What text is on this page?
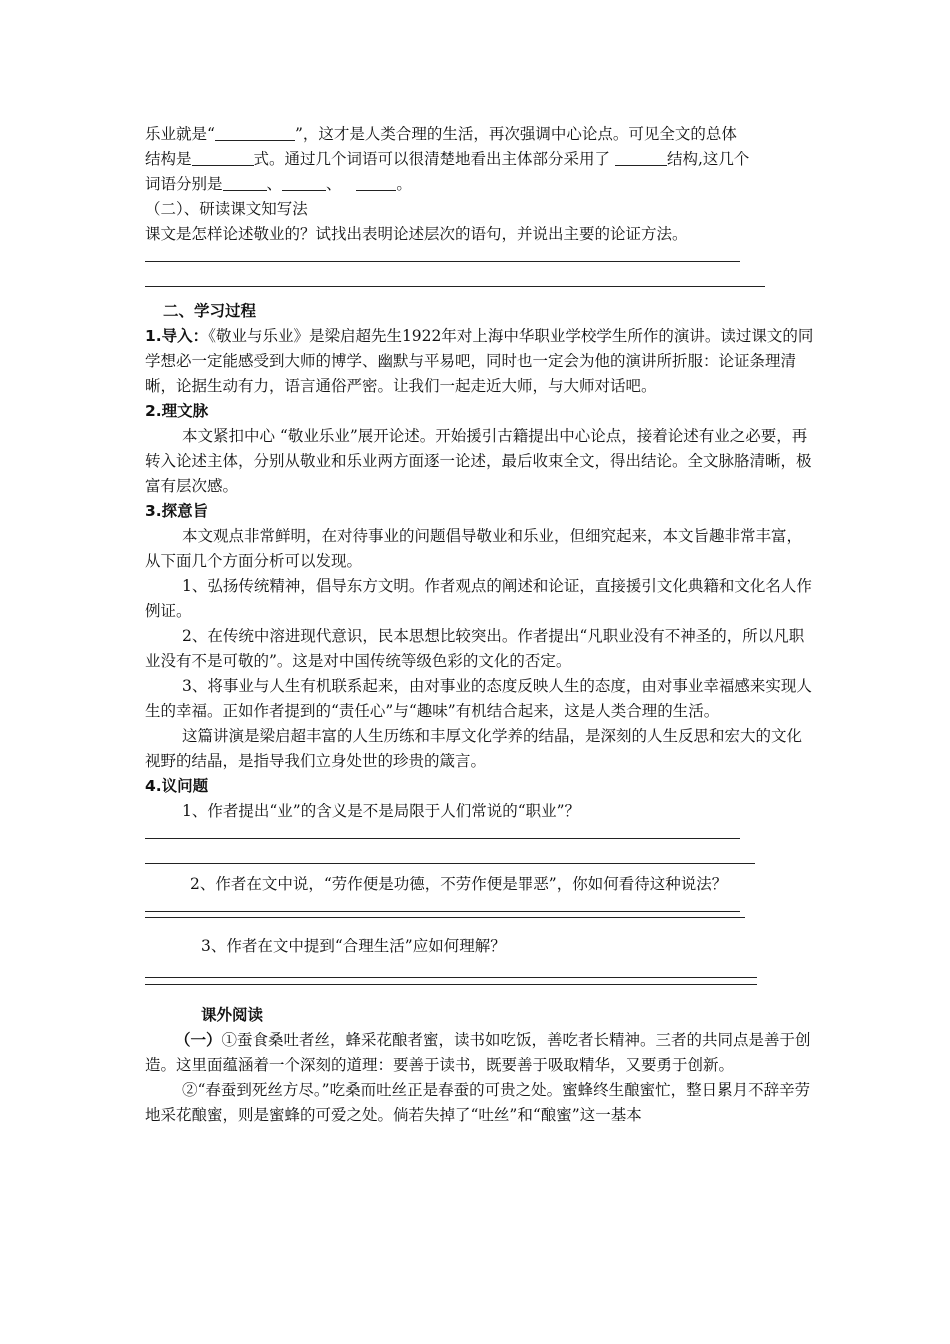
乐业就是“	”，这才是人类合理的生活，再次强调中心论点。可见全文的总体
结构是	式。通过几个词语可以很清楚地看出主体部分采用了	结构,这几个
词语分别是	、	、	。
（二）、研读课文知写法
课文是怎样论述敬业的？试找出表明论述层次的语句，并说出主要的论证方法。
二、学习过程
1.导入：《敬业与乐业》是梁启超先生1922年对上海中华职业学校学生所作的演讲。读过课文的同学想必一定能感受到大师的博学、幽默与平易吧，同时也一定会为他的演讲所折服：论证条理清晰，论据生动有力，语言通俗严密。让我们一起走近大师，与大师对话吧。
2.理文脉
本文紧扣中心 “敬业乐业”展开论述。开始援引古籍提出中心论点，接着论述有业之必要，再转入论述主体，分别从敬业和乐业两方面逐一论述，最后收束全文，得出结论。全文脉胳清晰，极富有层次感。
3.探意旨
本文观点非常鲜明，在对待事业的问题倡导敬业和乐业，但细究起来，本文旨趣非常丰富，从下面几个方面分析可以发现。
1、弘扬传统精神，倡导东方文明。作者观点的阐述和论证，直接援引文化典籍和文化名人作例证。
2、在传统中溶进现代意识，民本思想比较突出。作者提出“凡职业没有不神圣的，所以凡职业没有不是可敬的”。这是对中国传统等级色彩的文化的否定。
3、将事业与人生有机联系起来，由对事业的态度反映人生的态度，由对事业幸福感来实现人生的幸福。正如作者提到的“责任心”与“趣味”有机结合起来，这是人类合理的生活。
这篇讲演是梁启超丰富的人生历练和丰厚文化学养的结晶，是深刻的人生反思和宏大的文化视野的结晶，是指导我们立身处世的珍贵的箴言。
4.议问题
1、作者提出“业”的含义是不是局限于人们常说的“职业”？
2、作者在文中说，“劳作便是功德，不劳作便是罪恶”，你如何看待这种说法？
3、作者在文中提到“合理生活”应如何理解？
课外阅读
（一）①蚕食桑吐者丝，蜂采花酿者蜜，读书如吃饭，善吃者长精神。三者的共同点是善于创造。这里面蕴涵着一个深刻的道理：要善于读书，既要善于吸取精华，又要勇于创新。
②“春蚕到死丝方尽。”吃桑而吐丝正是春蚕的可贵之处。蜜蜂终生酿蜜忙，整日累月不辞辛劳地采花酿蜜，则是蜜蜂的可爱之处。倘若失掉了“吐丝”和“酿蜜”这一基本
